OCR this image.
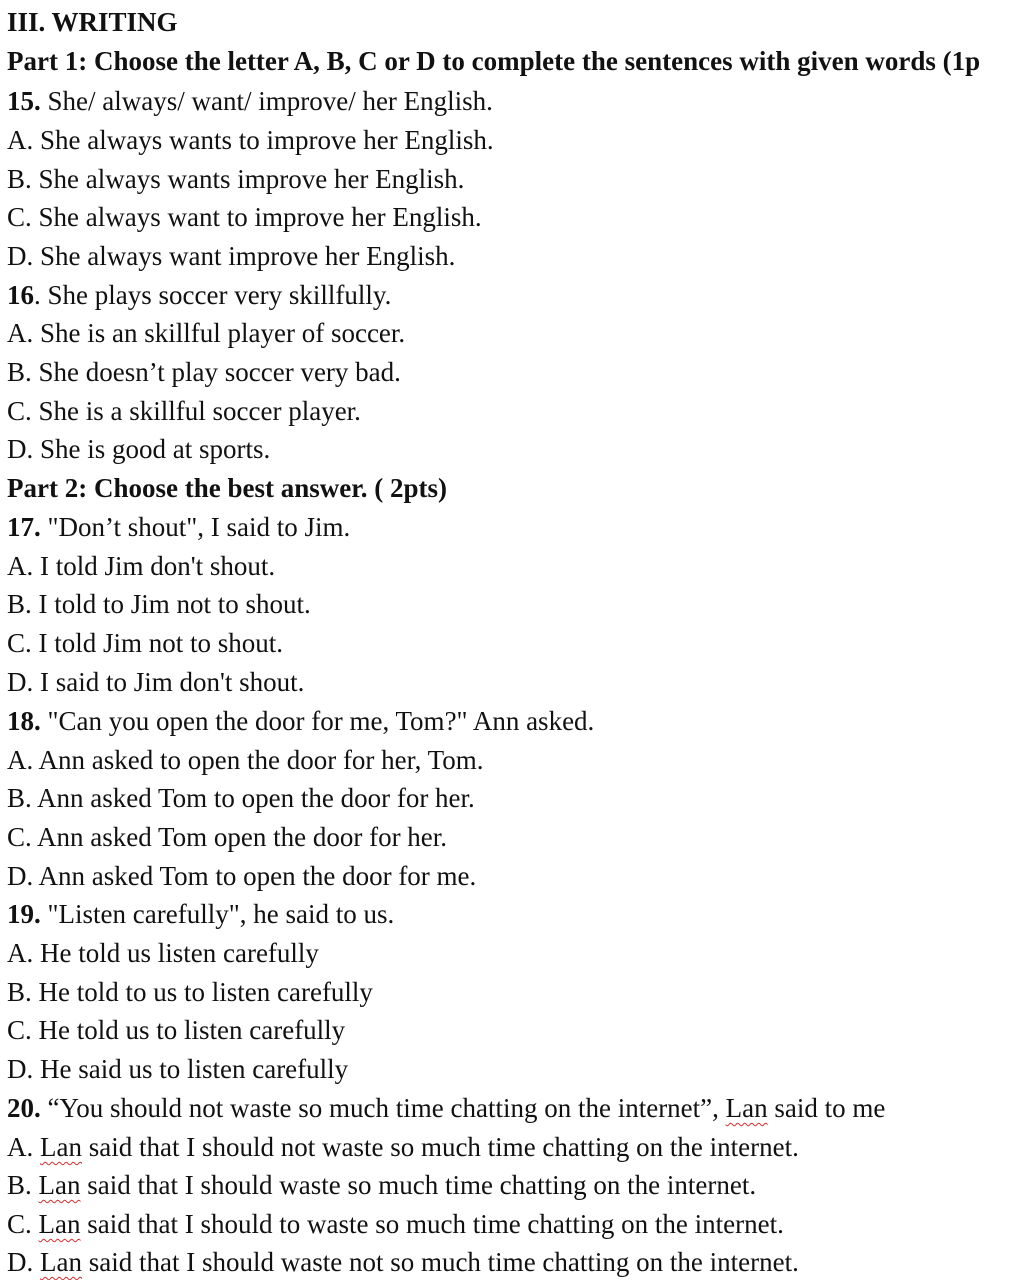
III. WRITING
Part 1: Choose the letter A, B, C or D to complete the sentences with given words (1p
15. She/ always/ want/ improve/ her English.
A. She always wants to improve her English.
B. She always wants improve her English.
C. She always want to improve her English.
D. She always want improve her English.
16. She plays soccer very skillfully.
A. She is an skillful player of soccer.
B. She doesn’t play soccer very bad.
C. She is a skillful soccer player.
D. She is good at sports.
Part 2: Choose the best answer. ( 2pts)
17. "Don’t shout", I said to Jim.
A. I told Jim don't shout.
B. I told to Jim not to shout.
C. I told Jim not to shout.
D. I said to Jim don't shout.
18. "Can you open the door for me, Tom?" Ann asked.
A. Ann asked to open the door for her, Tom.
B. Ann asked Tom to open the door for her.
C. Ann asked Tom open the door for her.
D. Ann asked Tom to open the door for me.
19. "Listen carefully", he said to us.
A. He told us listen carefully
B. He told to us to listen carefully
C. He told us to listen carefully
D. He said us to listen carefully
20. “You should not waste so much time chatting on the internet”, Lan said to me
A. Lan said that I should not waste so much time chatting on the internet.
B. Lan said that I should waste so much time chatting on the internet.
C. Lan said that I should to waste so much time chatting on the internet.
D. Lan said that I should waste not so much time chatting on the internet.
